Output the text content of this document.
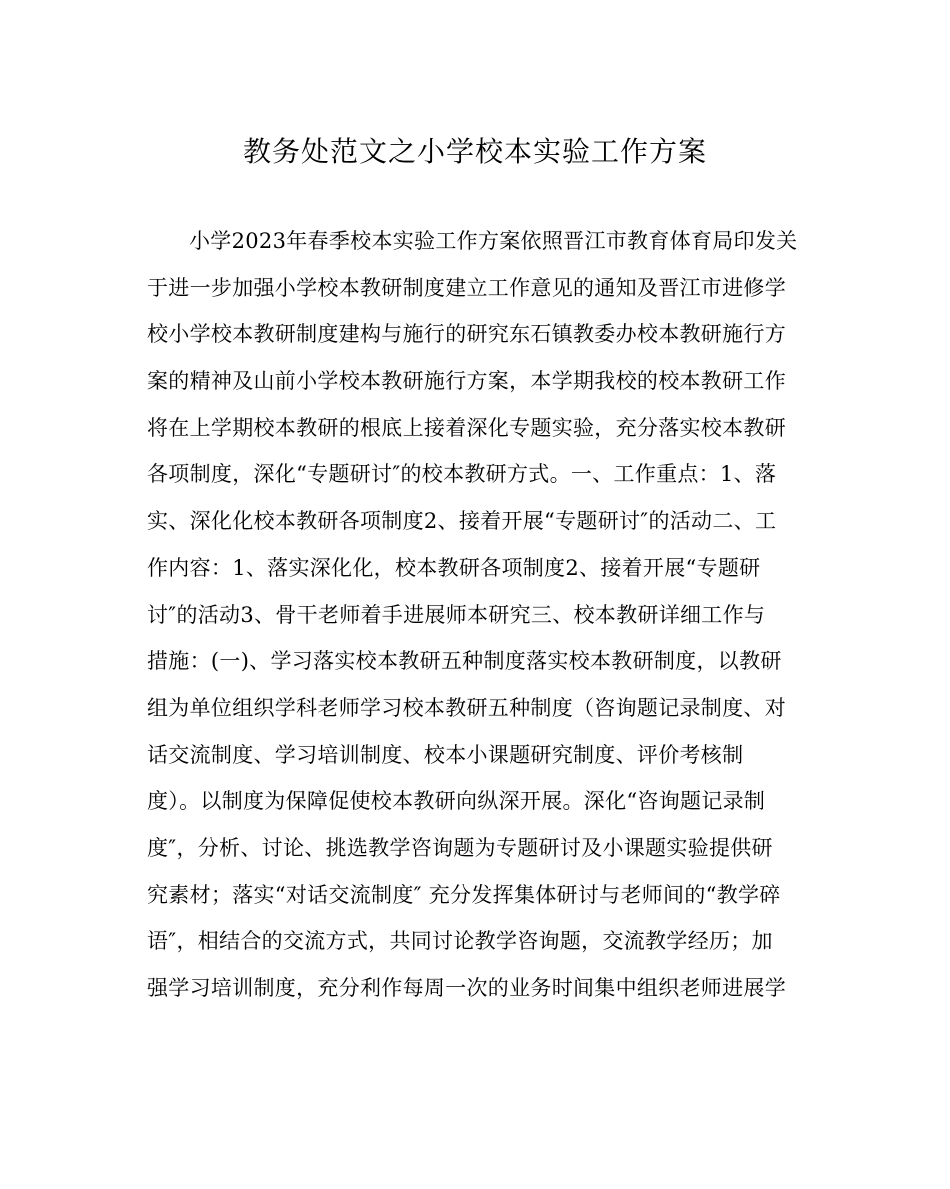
教务处范文之小学校本实验工作方案
小学2023年春季校本实验工作方案依照晋江市教育体育局印发关
于进一步加强小学校本教研制度建立工作意见的通知及晋江市进修学
校小学校本教研制度建构与施行的研究东石镇教委办校本教研施行方
案的精神及山前小学校本教研施行方案，本学期我校的校本教研工作
将在上学期校本教研的根底上接着深化专题实验，充分落实校本教研
各项制度，深化“专题研讨″的校本教研方式。一、工作重点：1、落
实、深化化校本教研各项制度2、接着开展“专题研讨″的活动二、工
作内容：1、落实深化化，校本教研各项制度2、接着开展“专题研
讨″的活动3、骨干老师着手进展师本研究三、校本教研详细工作与
措施：(一)、学习落实校本教研五种制度落实校本教研制度，以教研
组为单位组织学科老师学习校本教研五种制度（咨询题记录制度、对
话交流制度、学习培训制度、校本小课题研究制度、评价考核制
度）。以制度为保障促使校本教研向纵深开展。深化“咨询题记录制
度″，分析、讨论、挑选教学咨询题为专题研讨及小课题实验提供研
究素材；落实“对话交流制度″ 充分发挥集体研讨与老师间的“教学碎
语″，相结合的交流方式，共同讨论教学咨询题，交流教学经历；加
强学习培训制度，充分利作每周一次的业务时间集中组织老师进展学
